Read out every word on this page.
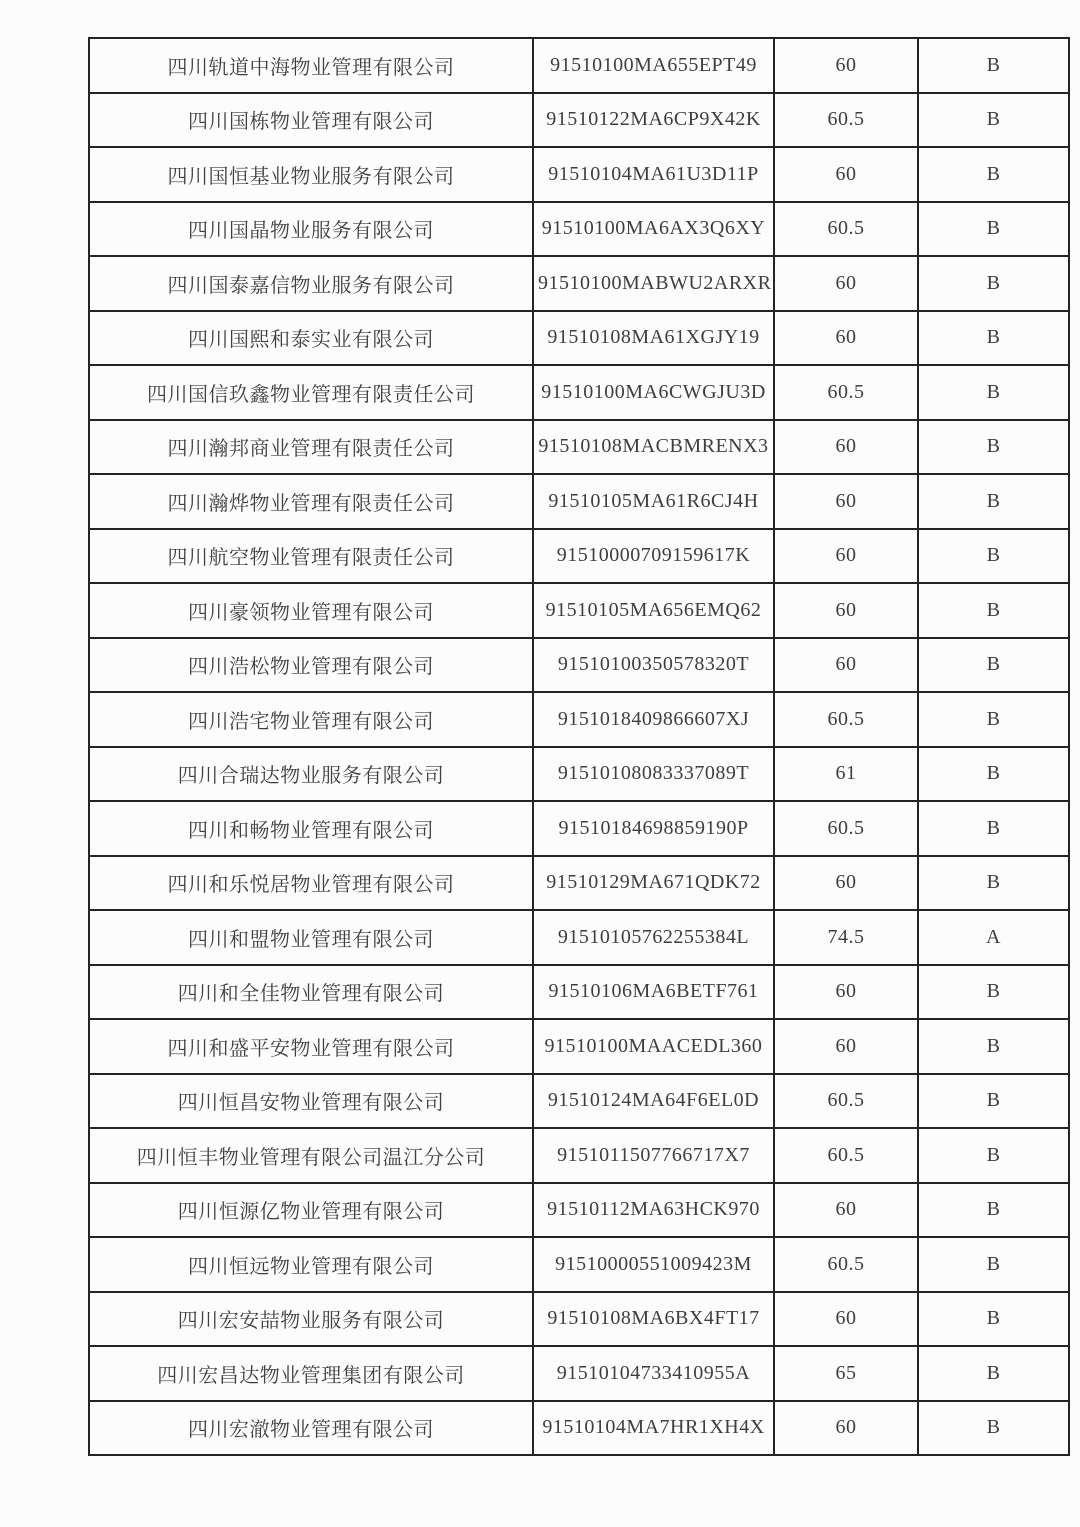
四川轨道中海物业管理有限公司	91510100MA655EPT49	60	B
四川国栋物业管理有限公司	91510122MA6CP9X42K	60.5	B
四川国恒基业物业服务有限公司	91510104MA61U3D11P	60	B
四川国晶物业服务有限公司	91510100MA6AX3Q6XY	60.5	B
四川国泰嘉信物业服务有限公司	91510100MABWU2ARXR	60	B
四川国熙和泰实业有限公司	91510108MA61XGJY19	60	B
四川国信玖鑫物业管理有限责任公司	91510100MA6CWGJU3D	60.5	B
四川瀚邦商业管理有限责任公司	91510108MACBMRENX3	60	B
四川瀚烨物业管理有限责任公司	91510105MA61R6CJ4H	60	B
四川航空物业管理有限责任公司	91510000709159617K	60	B
四川豪领物业管理有限公司	91510105MA656EMQ62	60	B
四川浩松物业管理有限公司	91510100350578320T	60	B
四川浩宅物业管理有限公司	9151018409866607XJ	60.5	B
四川合瑞达物业服务有限公司	91510108083337089T	61	B
四川和畅物业管理有限公司	91510184698859190P	60.5	B
四川和乐悦居物业管理有限公司	91510129MA671QDK72	60	B
四川和盟物业管理有限公司	91510105762255384L	74.5	A
四川和全佳物业管理有限公司	91510106MA6BETF761	60	B
四川和盛平安物业管理有限公司	91510100MAACEDL360	60	B
四川恒昌安物业管理有限公司	91510124MA64F6EL0D	60.5	B
四川恒丰物业管理有限公司温江分公司	9151011507766717X7	60.5	B
四川恒源亿物业管理有限公司	91510112MA63HCK970	60	B
四川恒远物业管理有限公司	91510000551009423M	60.5	B
四川宏安喆物业服务有限公司	91510108MA6BX4FT17	60	B
四川宏昌达物业管理集团有限公司	91510104733410955A	65	B
四川宏澈物业管理有限公司	91510104MA7HR1XH4X	60	B
